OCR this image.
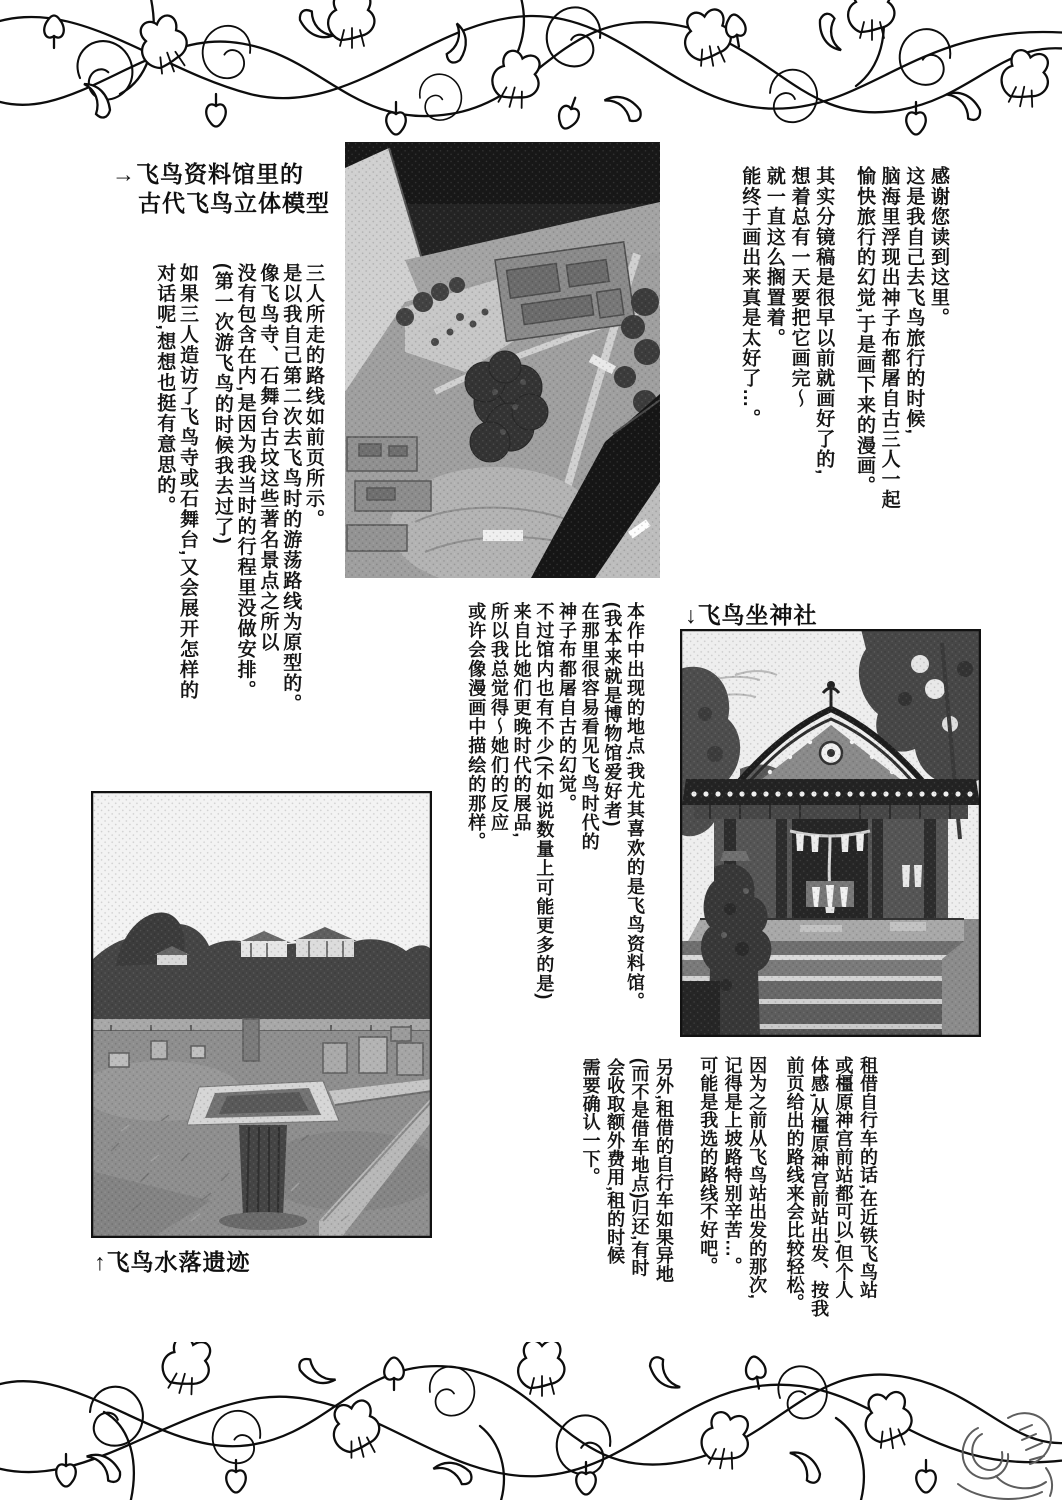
→飞鸟资料馆里的
古代飞鸟立体模型	感谢您读到这里。

这是我自己去飞鸟旅行的时候,

脑海里浮现出神子布都屠自古三人一起

愉快旅行的幻觉,于是画下来的漫画。

其实分镜稿是很早以前就画好了的,

想着总有一天要把它画完～

就一直这么搁置着。

能终于画出来真是太好了…。

三人所走的路线如前页所示。

是以我自己第二次去飞鸟时的游荡路线为原型的。

像飞鸟寺、石舞台古坟这些著名景点之所以

没有包含在内,是因为我当时的行程里没做安排。

(第一次游飞鸟的时候我去过了)

如果三人造访了飞鸟寺或石舞台,又会展开怎样的

对话呢,想想也挺有意思的。

↓飞鸟坐神社

本作中出现的地点,我尤其喜欢的是飞鸟资料馆。

(我本来就是博物馆爱好者)

在那里很容易看见飞鸟时代的

神子布都屠自古的幻觉。

不过馆内也有不少(不如说数量上可能更多的是)

来自比她们更晚时代的展品,

所以我总觉得～她们的反应

或许会像漫画中描绘的那样。

↑飞鸟水落遗迹	租借自行车的话,在近铁飞鸟站

或橿原神宫前站都可以,但个人

体感,从橿原神宫前站出发、按我

前页给出的路线来会比较轻松。

因为之前从飞鸟站出发的那次,

记得是上坡路特别辛苦…。

可能是我选的路线不好吧。

另外,租借的自行车如果异地

(而不是借车地点)归还,有时

会收取额外费用,租的时候

需要确认一下。
